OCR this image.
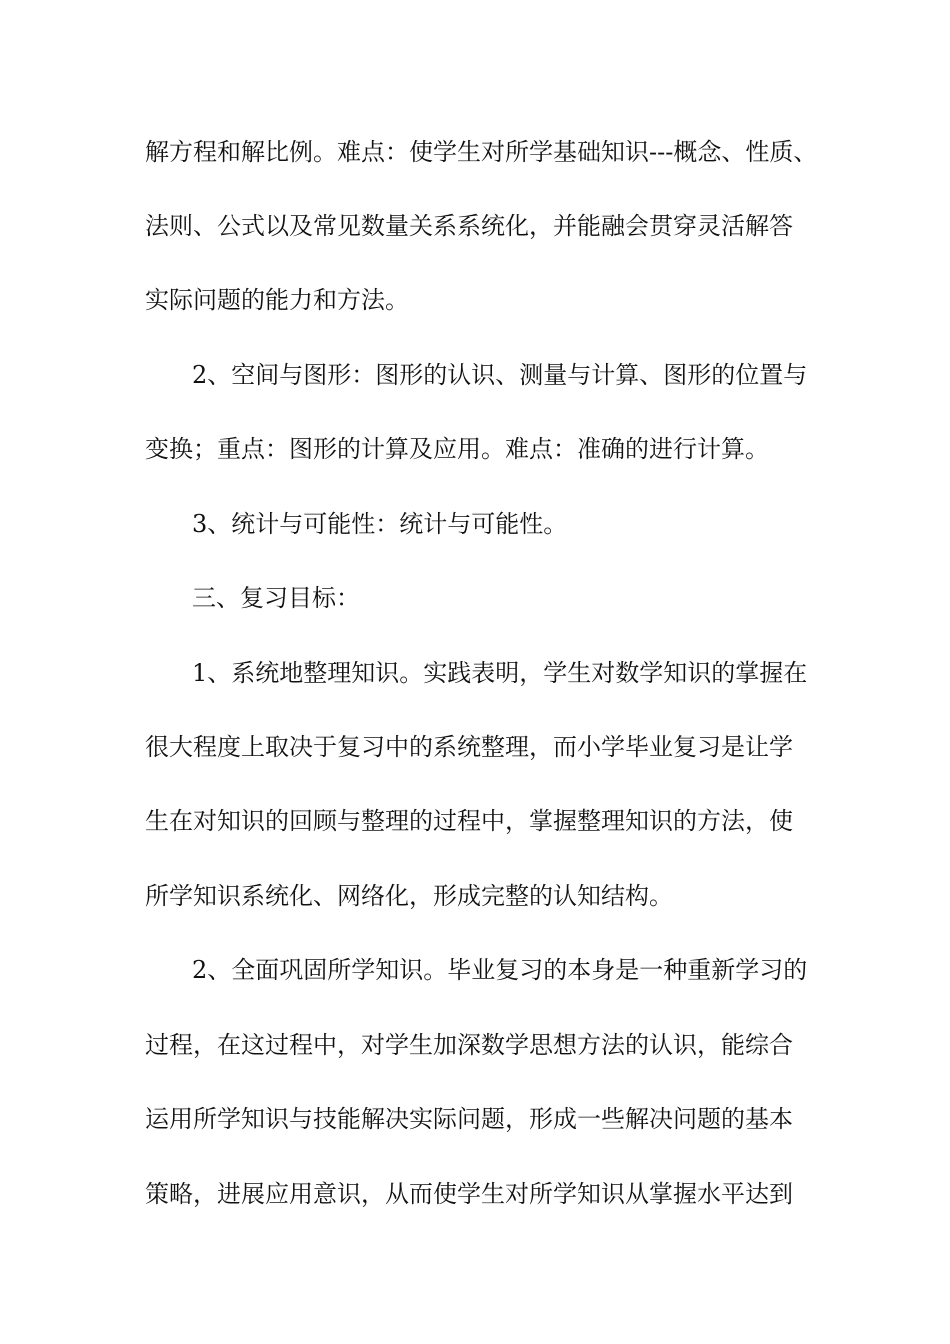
解方程和解比例。难点：使学生对所学基础知识---概念、性质、
法则、公式以及常见数量关系系统化，并能融会贯穿灵活解答
实际问题的能力和方法。
2、空间与图形：图形的认识、测量与计算、图形的位置与
变换；重点：图形的计算及应用。难点：准确的进行计算。
3、统计与可能性：统计与可能性。
三、复习目标：
1、系统地整理知识。实践表明，学生对数学知识的掌握在
很大程度上取决于复习中的系统整理，而小学毕业复习是让学
生在对知识的回顾与整理的过程中，掌握整理知识的方法，使
所学知识系统化、网络化，形成完整的认知结构。
2、全面巩固所学知识。毕业复习的本身是一种重新学习的
过程，在这过程中，对学生加深数学思想方法的认识，能综合
运用所学知识与技能解决实际问题，形成一些解决问题的基本
策略，进展应用意识，从而使学生对所学知识从掌握水平达到
